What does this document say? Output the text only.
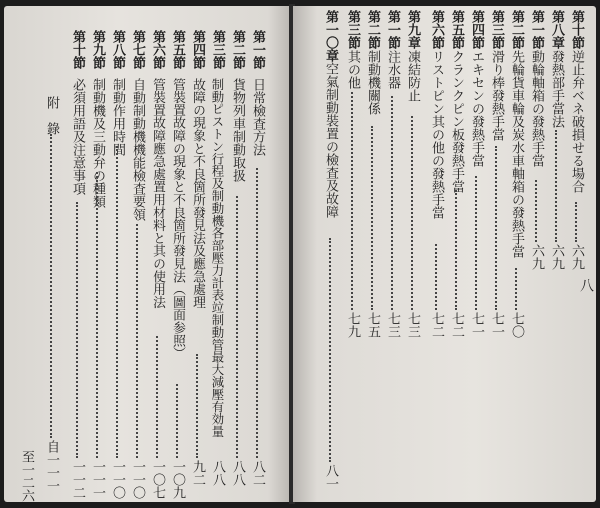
第一節
日常檢査方法
八二
第二節
貨物列車制動取扱
八八
第三節
制動ピストン行程及制動機各部壓力計表竝制動管最大減壓有効量
八八
第四節
故障の現象と不良箇所發見法及應急處理
九二
第五節
管裝置故障の現象と不良箇所發見法（圖面参照）
一〇九
第六節
管裝置故障應急處置用材料と其の使用法
一〇七
第七節
自動制動機機能檢査要領
一一〇
第八節
制動作用時間
一一〇
第九節
制動機及三動弁の種類
一一一
第十節
必須用語及注意事項
一一二
附　錄
自一一一
至一二六
八
第十節
逆止弁ベネ破損せる場合
六九
第八章
發熱部手當法
六九
第一節
動輪軸箱の發熱手當
六九
第二節
先輪貨車輪及炭水車軸箱の發熱手當
七〇
第三節
滑り棒發熱手當
七一
第四節
エキセンの發熱手當
七一
第五節
クランクピン板發熱手當
七二
第六節
リストピン其の他の發熱手當
七二
第九章
凍結防止
七三
第一節
注水器
七三
第二節
制動機關係
七五
第三節
其の他
七九
第一〇章
空氣制動裝置の檢査及故障
八一
